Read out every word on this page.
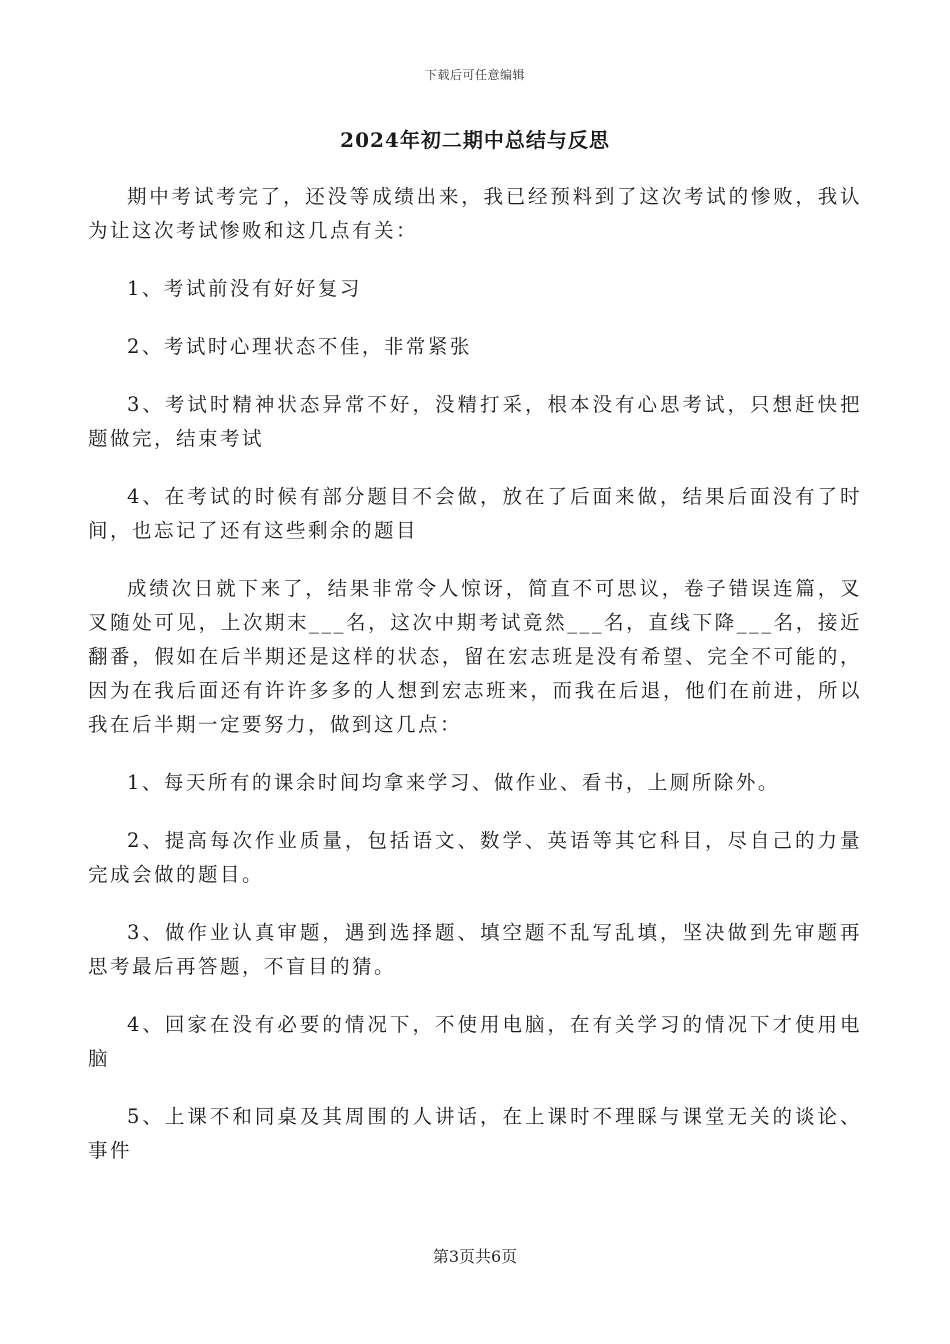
下载后可任意编辑
2024年初二期中总结与反思

期中考试考完了，还没等成绩出来，我已经预料到了这次考试的惨败，我认为让这次考试惨败和这几点有关：

1、考试前没有好好复习

2、考试时心理状态不佳，非常紧张

3、考试时精神状态异常不好，没精打采，根本没有心思考试，只想赶快把题做完，结束考试

4、在考试的时候有部分题目不会做，放在了后面来做，结果后面没有了时间，也忘记了还有这些剩余的题目

成绩次日就下来了，结果非常令人惊讶，简直不可思议，卷子错误连篇，叉叉随处可见，上次期末___名，这次中期考试竟然___名，直线下降___名，接近翻番，假如在后半期还是这样的状态，留在宏志班是没有希望、完全不可能的，因为在我后面还有许许多多的人想到宏志班来，而我在后退，他们在前进，所以我在后半期一定要努力，做到这几点：

1、每天所有的课余时间均拿来学习、做作业、看书，上厕所除外。

2、提高每次作业质量，包括语文、数学、英语等其它科目，尽自己的力量完成会做的题目。

3、做作业认真审题，遇到选择题、填空题不乱写乱填，坚决做到先审题再思考最后再答题，不盲目的猜。

4、回家在没有必要的情况下，不使用电脑，在有关学习的情况下才使用电脑

5、上课不和同桌及其周围的人讲话，在上课时不理睬与课堂无关的谈论、事件

第3页共6页
